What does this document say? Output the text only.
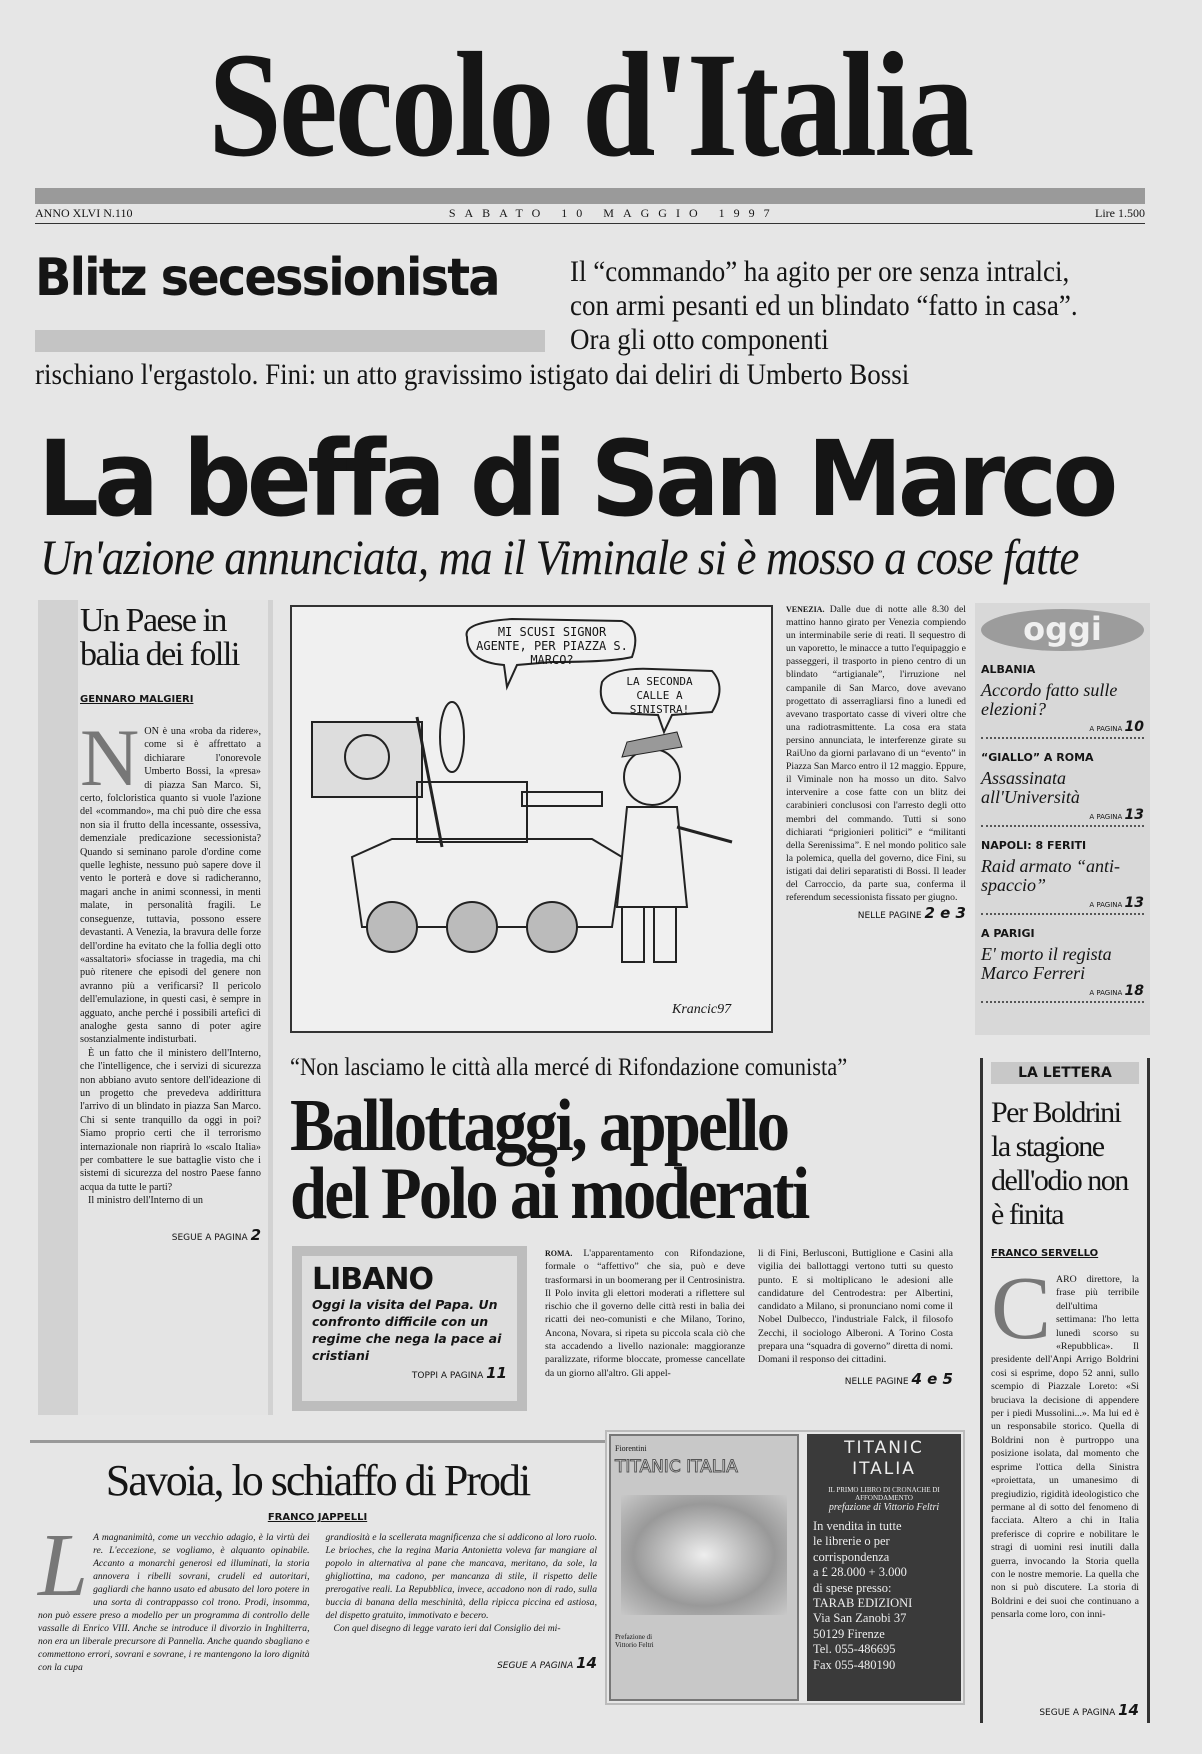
Secolo d'Italia
ANNO XLVI N.110	SABATO 10 MAGGIO 1997	Lire 1.500
Blitz secessionista Il “commando” ha agito per ore senza intralci, con armi pesanti ed un blindato “fatto in casa”. Ora gli otto componenti
rischiano l'ergastolo. Fini: un atto gravissimo istigato dai deliri di Umberto Bossi
La beffa di San Marco
Un'azione annunciata, ma il Viminale si è mosso a cose fatte
Un Paese in balia dei folli
GENNARO MALGIERI
N ON è una «roba da ridere», come si è affrettato a dichiarare l'onorevole Umberto Bossi, la «presa» di piazza San Marco. Sì, certo, folcloristica quanto si vuole l'azione del «commando», ma chi può dire che essa non sia il frutto della incessante, ossessiva, demenziale predicazione secessionista? Quando si seminano parole d'ordine come quelle leghiste, nessuno può sapere dove il vento le porterà e dove si radicheranno, magari anche in animi sconnessi, in menti malate, in personalità fragili. Le conseguenze, tuttavia, possono essere devastanti. A Venezia, la bravura delle forze dell'ordine ha evitato che la follia degli otto «assaltatori» sfociasse in tragedia, ma chi può ritenere che episodi del genere non avranno più a verificarsi? Il pericolo dell'emulazione, in questi casi, è sempre in agguato, anche perché i possibili artefici di analoghe gesta sanno di poter agire sostanzialmente indisturbati.

È un fatto che il ministero dell'Interno, che l'intelligence, che i servizi di sicurezza non abbiano avuto sentore dell'ideazione di un progetto che prevedeva addirittura l'arrivo di un blindato in piazza San Marco. Chi si sente tranquillo da oggi in poi? Siamo proprio certi che il terrorismo internazionale non riaprirà lo «scalo Italia» per combattere le sue battaglie visto che i sistemi di sicurezza del nostro Paese fanno acqua da tutte le parti?

Il ministro dell'Interno di un

SEGUE A PAGINA 2
MI SCUSI SIGNOR AGENTE, PER PIAZZA S. MARCO?
LA SECONDA CALLE A SINISTRA!
Krancic97
VENEZIA. Dalle due di notte alle 8.30 del mattino hanno girato per Venezia compiendo un interminabile serie di reati. Il sequestro di un vaporetto, le minacce a tutto l'equipaggio e passeggeri, il trasporto in pieno centro di un blindato “artigianale”, l'irruzione nel campanile di San Marco, dove avevano progettato di asserragliarsi fino a lunedì ed avevano trasportato casse di viveri oltre che una radiotrasmittente. La cosa era stata persino annunciata, le interferenze girate su RaiUno da giorni parlavano di un “evento” in Piazza San Marco entro il 12 maggio. Eppure, il Viminale non ha mosso un dito. Salvo intervenire a cose fatte con un blitz dei carabinieri conclusosi con l'arresto degli otto membri del commando. Tutti si sono dichiarati “prigionieri politici” e “militanti della Serenissima”. E nel mondo politico sale la polemica, quella del governo, dice Fini, su istigati dai deliri separatisti di Bossi. Il leader del Carroccio, da parte sua, conferma il referendum secessionista fissato per giugno.
NELLE PAGINE 2 e 3
oggi
ALBANIA
Accordo fatto sulle elezioni?
A PAGINA 10
“GIALLO” A ROMA
Assassinata all'Università
A PAGINA 13
NAPOLI: 8 FERITI
Raid armato “anti-spaccio”
A PAGINA 13
A PARIGI
E' morto il regista Marco Ferreri
A PAGINA 18
“Non lasciamo le città alla mercé di Rifondazione comunista”
Ballottaggi, appello
del Polo ai moderati
LIBANO
Oggi la visita del Papa. Un confronto difficile con un regime che nega la pace ai cristiani
TOPPI A PAGINA 11
ROMA. L'apparentamento con Rifondazione, formale o “affettivo” che sia, può e deve trasformarsi in un boomerang per il Centrosinistra. Il Polo invita gli elettori moderati a riflettere sul rischio che il governo delle città resti in balìa dei ricatti dei neo-comunisti e che Milano, Torino, Ancona, Novara, si ripeta su piccola scala ciò che sta accadendo a livello nazionale: maggioranze paralizzate, riforme bloccate, promesse cancellate da un giorno all'altro. Gli appel-
li di Fini, Berlusconi, Buttiglione e Casini alla vigilia dei ballottaggi vertono tutti su questo punto. E si moltiplicano le adesioni alle candidature del Centrodestra: per Albertini, candidato a Milano, si pronunciano nomi come il Nobel Dulbecco, l'industriale Falck, il filosofo Zecchi, il sociologo Alberoni. A Torino Costa prepara una “squadra di governo” diretta di nomi. Domani il responso dei cittadini.
NELLE PAGINE 4 e 5
LA LETTERA
Per Boldrini la stagione dell'odio non è finita
FRANCO SERVELLO
C ARO direttore, la frase più terribile dell'ultima settimana: l'ho letta lunedì scorso su «Repubblica». Il presidente dell'Anpi Arrigo Boldrini cosi si esprime, dopo 52 anni, sullo scempio di Piazzale Loreto: «Si bruciava la decisione di appendere per i piedi Mussolini...». Ma lui ed è un responsabile storico. Quella di Boldrini non è purtroppo una posizione isolata, dal momento che esprime l'ottica della Sinistra «proiettata, un umanesimo di pregiudizio, rigidità ideologistico che permane al di sotto del fenomeno di facciata. Altero a chi in Italia preferisce di coprire e nobilitare le stragi di uomini resi inutili dalla guerra, invocando la Storia quella con le nostre memorie. La quella che non si può discutere. La storia di Boldrini e dei suoi che continuano a pensarla come loro, con inni-
SEGUE A PAGINA 14
Savoia, lo schiaffo di Prodi
FRANCO JAPPELLI
L A magnanimità, come un vecchio adagio, è la virtù dei re. L'eccezione, se vogliamo, è alquanto opinabile. Accanto a monarchi generosi ed illuminati, la storia annovera i ribelli sovrani, crudeli ed autoritari, gagliardi che hanno usato ed abusato del loro potere in una sorta di contrappasso col trono. Prodi, insomma, non può essere preso a modello per un programma di controllo delle vassalle di Enrico VIII. Anche se introduce il divorzio in Inghilterra, non era un liberale precursore di Pannella. Anche quando sbagliano e commettono errori, sovrani e sovrane, i re mantengono la loro dignità con la cupa
grandiosità e la scellerata magnificenza che si addicono al loro ruolo. Le brioches, che la regina Maria Antonietta voleva far mangiare al popolo in alternativa al pane che mancava, meritano, da sole, la ghigliottina, ma cadono, per mancanza di stile, il rispetto delle prerogative reali. La Repubblica, invece, accadono non di rado, sulla buccia di banana della meschinità, della ripicca piccina ed astiosa, del dispetto gratuito, immotivato e becero.

Con quel disegno di legge varato ieri dal Consiglio dei mi-

SEGUE A PAGINA 14
Fiorentini
TITANIC ITALIA
Prefazione di Vittorio Feltri
TITANIC
ITALIA
IL PRIMO LIBRO DI CRONACHE DI AFFONDAMENTO
prefazione di Vittorio Feltri
In vendita in tutte
le librerie o per
corrispondenza
a £ 28.000 + 3.000
di spese presso:
TARAB EDIZIONI
Via San Zanobi 37
50129 Firenze
Tel. 055-486695
Fax 055-480190
